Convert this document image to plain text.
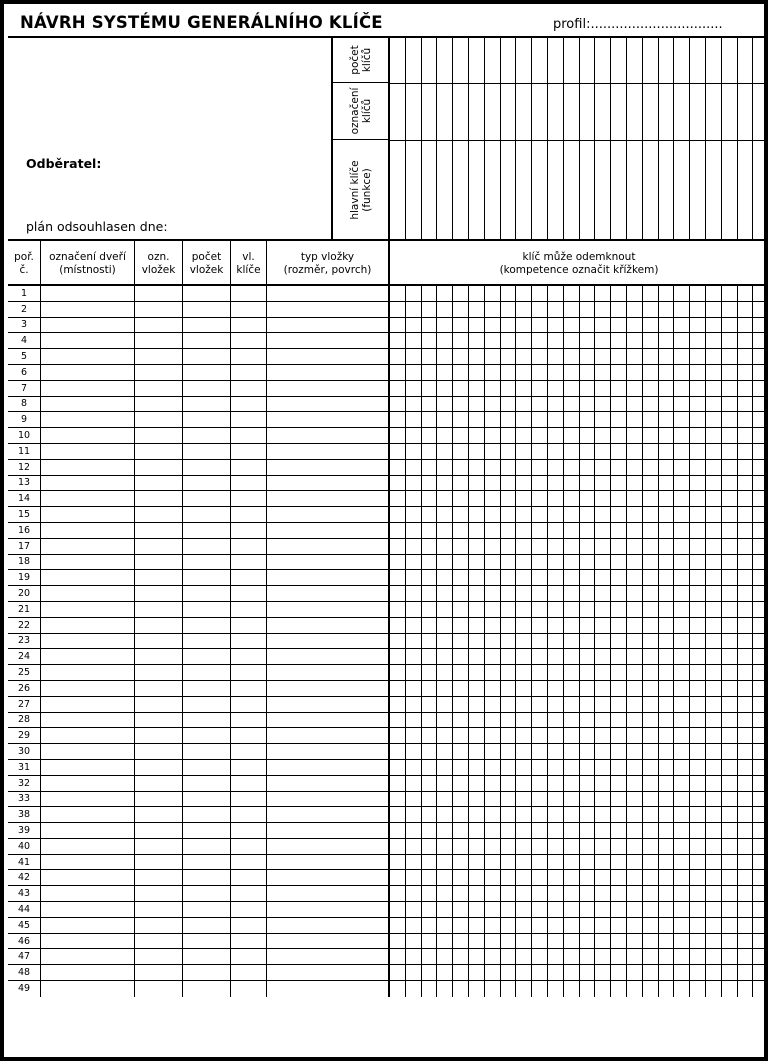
NÁVRH SYSTÉMU GENERÁLNÍHO KLÍČE	profil:................................
Odběratel:
plán odsouhlasen dne:
počet
klíčů
označení
klíčů
hlavní klíče
(funkce)
poř.
č.
označení dveří
(místnosti)
ozn.
vložek
počet
vložek
vl.
klíče
typ vložky
(rozměr, povrch)
klíč může odemknout
(kompetence označit křížkem)
1
2
3
4
5
6
7
8
9
10
11
12
13
14
15
16
17
18
19
20
21
22
23
24
25
26
27
28
29
30
31
32
33
38
39
40
41
42
43
44
45
46
47
48
49
